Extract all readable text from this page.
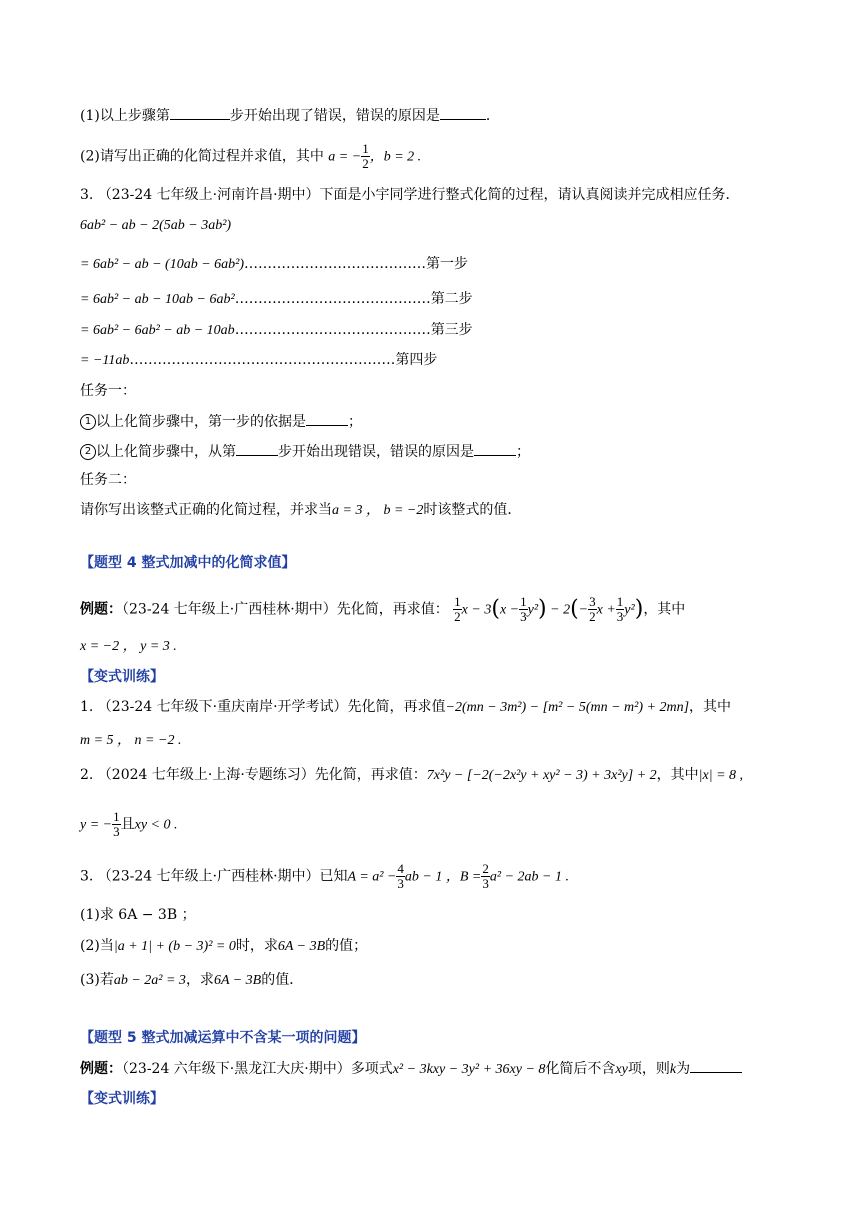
(1)以上步骤第	步开始出现了错误，错误的原因是	．
(2)请写出正确的化简过程并求值，其中 a = − $\frac{1}{2}$ ，b = 2 .
3. （23-24 七年级上·河南许昌·期中）下面是小宇同学进行整式化简的过程，请认真阅读并完成相应任务．
6ab² − ab − 2(5ab − 3ab²)
= 6ab² − ab − (10ab − 6ab²)…………………………………第一步
= 6ab² − ab − 10ab − 6ab²……………………………………第二步
= 6ab² − 6ab² − ab − 10ab……………………………………第三步
= −11ab…………………………………………………第四步
任务一：
1 以上化简步骤中，第一步的依据是	；
2 以上化简步骤中，从第	步开始出现错误，错误的原因是	；
任务二：
请你写出该整式正确的化简过程，并求当a = 3 ， b = −2时该整式的值．
【题型 4 整式加减中的化简求值】
例题：（23-24 七年级上·广西桂林·期中）先化简，再求值： $\frac{1}{2}$ $x - 3(x - \frac{1}{3} y^2) - 2(- \frac{3}{2}$ $x + \frac{1}{3} y^2$)，其中
x = −2 ， y = 3 .
【变式训练】
1. （23-24 七年级下·重庆南岸·开学考试）先化简，再求值−2(mn − 3m²) − [m² − 5(mn − m²) + 2mn]，其中
m = 5 ， n = −2 .
2. （2024 七年级上·上海·专题练习）先化简，再求值：7x²y − [−2(−2x²y + xy² − 3) + 3x²y] + 2，其中|x| = 8 ,
y = − $\frac{1}{3}$ 且xy < 0 .
3. （23-24 七年级上·广西桂林·期中）已知$A = a^2 - \frac{4}{3}$ ab − 1 ，$B = \frac{2}{3} a^2 - 2ab - 1$ .
(1)求 6A − 3B ；
(2)当|a + 1| + (b − 3)² = 0时，求6A − 3B的值；
(3)若ab − 2a² = 3，求6A − 3B的值．
【题型 5 整式加减运算中不含某一项的问题】
例题：（23-24 六年级下·黑龙江大庆·期中）多项式x² − 3kxy − 3y² + 36xy − 8化简后不含xy项，则k为
【变式训练】
